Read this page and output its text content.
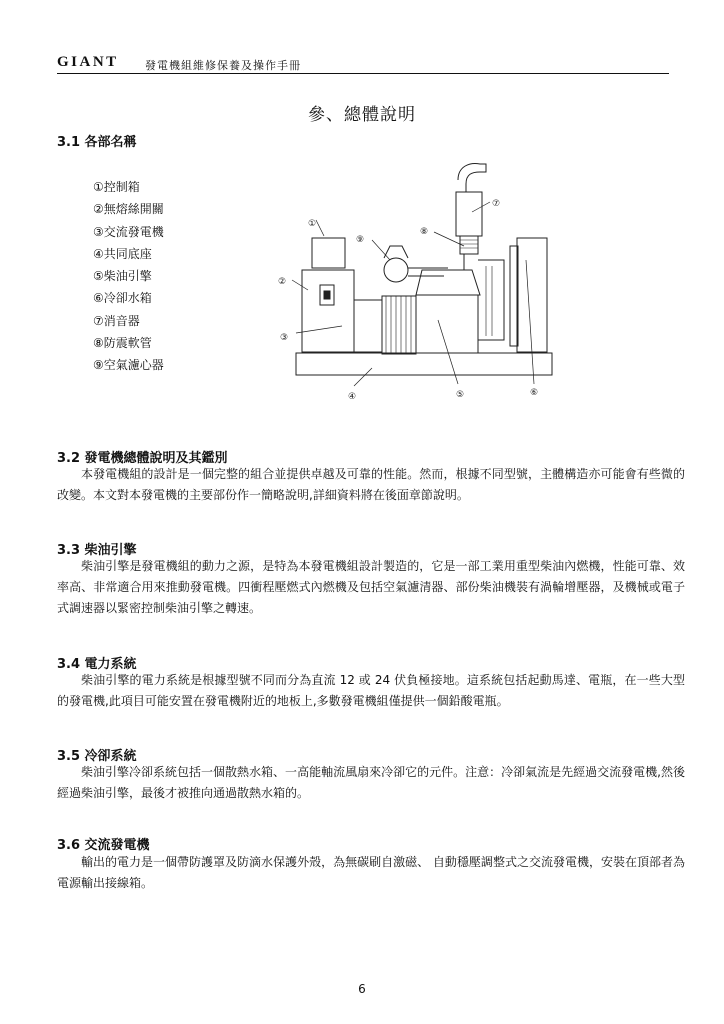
GIANT 發電機組維修保養及操作手冊
參、總體說明
3.1 各部名稱
①控制箱
②無熔絲開關
③交流發電機
④共同底座
⑤柴油引擎
⑥冷卻水箱
⑦消音器
⑧防震軟管
⑨空氣濾心器
①
②
③
④	⑤	⑥
⑦
⑧
⑨
3.2 發電機總體說明及其鑑別

本發電機組的設計是一個完整的組合並提供卓越及可靠的性能。然而，根據不同型號，主體構造亦可能會有些微的改變。本文對本發電機的主要部份作一簡略說明,詳細資料將在後面章節說明。

3.3 柴油引擎

柴油引擎是發電機組的動力之源，是特為本發電機組設計製造的，它是一部工業用重型柴油內燃機，性能可靠、效率高、非常適合用來推動發電機。四衝程壓燃式內燃機及包括空氣濾清器、部份柴油機裝有渦輪增壓器，及機械或電子式調速器以緊密控制柴油引擎之轉速。

3.4 電力系統

柴油引擎的電力系統是根據型號不同而分為直流 12 或 24 伏負極接地。這系統包括起動馬達、電瓶，在一些大型的發電機,此項目可能安置在發電機附近的地板上,多數發電機組僅提供一個鉛酸電瓶。

3.5 冷卻系統

柴油引擎冷卻系統包括一個散熱水箱、一高能軸流風扇來冷卻它的元件。注意：冷卻氣流是先經過交流發電機,然後經過柴油引擎，最後才被推向通過散熱水箱的。

3.6 交流發電機

輸出的電力是一個帶防護罩及防滴水保護外殼，為無碳刷自激磁、 自動穩壓調整式之交流發電機，安裝在頂部者為電源輸出接線箱。

6
